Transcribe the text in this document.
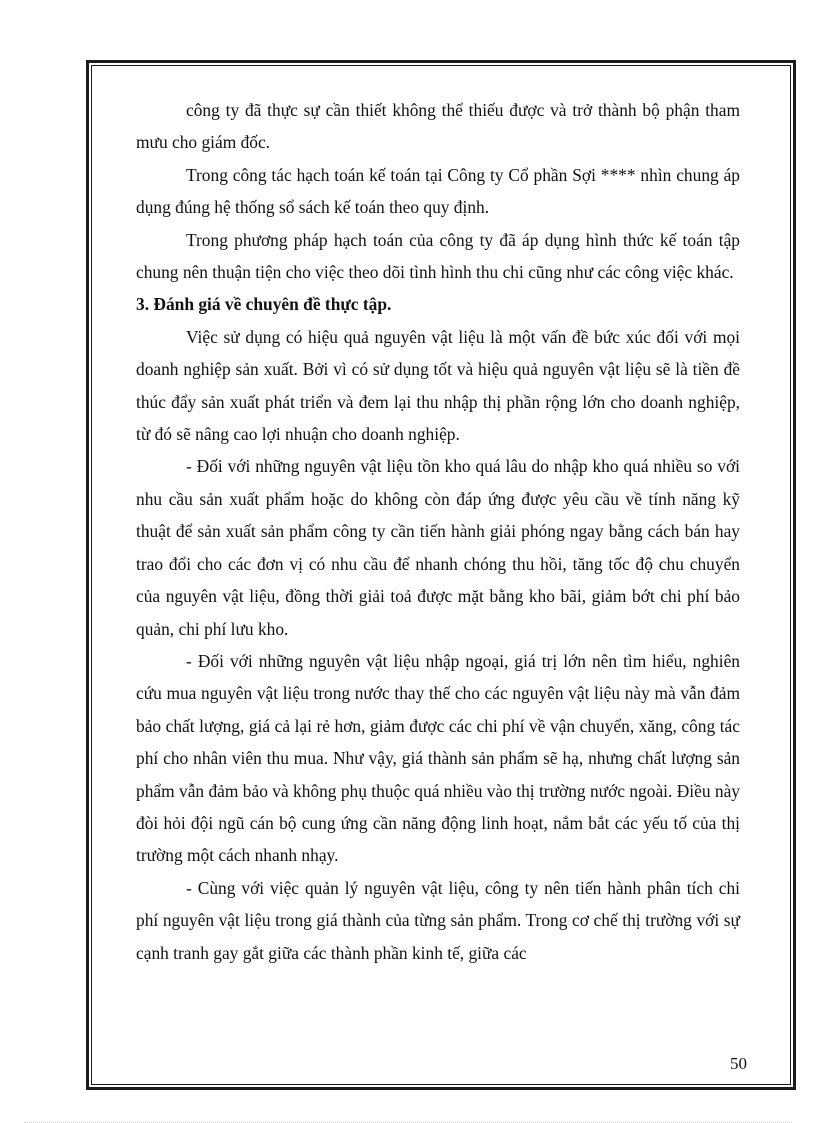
công ty đã thực sự cần thiết không thể thiếu được và trở thành bộ phận tham mưu cho giám đốc.

Trong công tác hạch toán kế toán tại Công ty Cổ phần Sợi **** nhìn chung áp dụng đúng hệ thống sổ sách kế toán theo quy định.

Trong phương pháp hạch toán của công ty đã áp dụng hình thức kế toán tập chung nên thuận tiện cho việc theo dõi tình hình thu chi cũng như các công việc khác.

3. Đánh giá về chuyên đề thực tập.

Việc sử dụng có hiệu quả nguyên vật liệu là một vấn đề bức xúc đối với mọi doanh nghiệp sản xuất. Bởi vì có sử dụng tốt và hiệu quả nguyên vật liệu sẽ là tiền đề thúc đẩy sản xuất phát triển và đem lại thu nhập thị phần rộng lớn cho doanh nghiệp, từ đó sẽ nâng cao lợi nhuận cho doanh nghiệp.

- Đối với những nguyên vật liệu tồn kho quá lâu do nhập kho quá nhiều so với nhu cầu sản xuất phẩm hoặc do không còn đáp ứng được yêu cầu về tính năng kỹ thuật để sản xuất sản phẩm công ty cần tiến hành giải phóng ngay bằng cách bán hay trao đổi cho các đơn vị có nhu cầu để nhanh chóng thu hồi, tăng tốc độ chu chuyển của nguyên vật liệu, đồng thời giải toả được mặt bằng kho bãi, giảm bớt chi phí bảo quản, chi phí lưu kho.

- Đối với những nguyên vật liệu nhập ngoại, giá trị lớn nên tìm hiểu, nghiên cứu mua nguyên vật liệu trong nước thay thế cho các nguyên vật liệu này mà vẫn đảm bảo chất lượng, giá cả lại rẻ hơn, giảm được các chi phí về vận chuyển, xăng, công tác phí cho nhân viên thu mua. Như vậy, giá thành sản phẩm sẽ hạ, nhưng chất lượng sản phẩm vẫn đảm bảo và không phụ thuộc quá nhiều vào thị trường nước ngoài. Điều này đòi hỏi đội ngũ cán bộ cung ứng cần năng động linh hoạt, nắm bắt các yếu tố của thị trường một cách nhanh nhạy.

- Cùng với việc quản lý nguyên vật liệu, công ty nên tiến hành phân tích chi phí nguyên vật liệu trong giá thành của từng sản phẩm. Trong cơ chế thị trường với sự cạnh tranh gay gắt giữa các thành phần kinh tế, giữa các

50
